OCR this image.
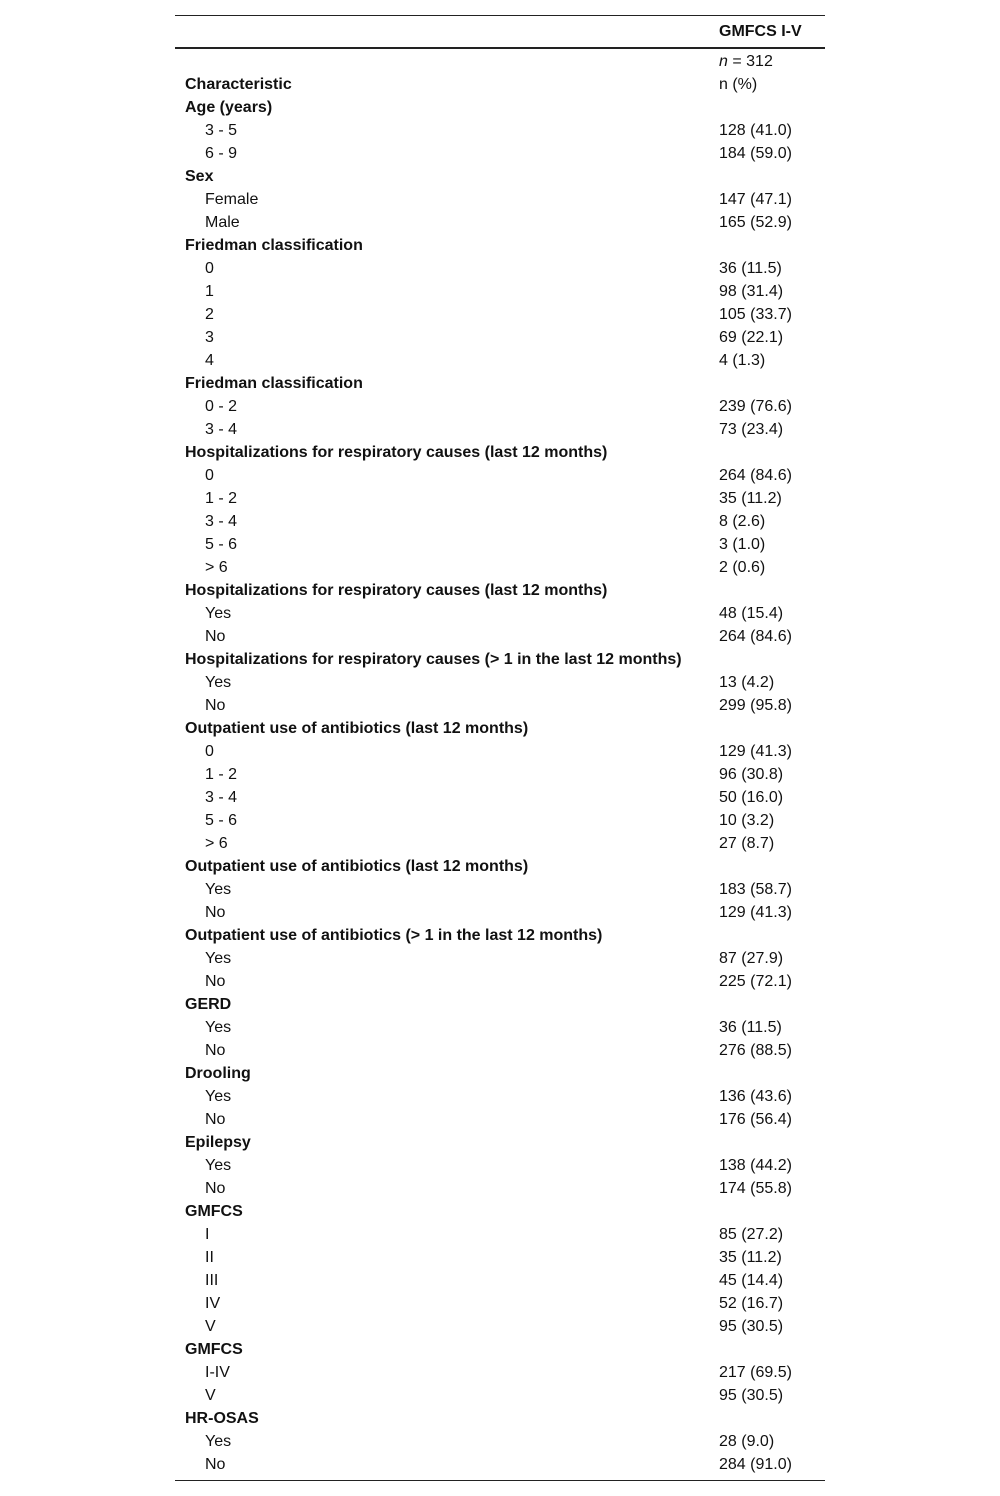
GMFCS I-V
n = 312
Characteristic	n (%)
Age (years)
3 - 5	128 (41.0)
6 - 9	184 (59.0)
Sex
Female	147 (47.1)
Male	165 (52.9)
Friedman classification
0	36 (11.5)
1	98 (31.4)
2	105 (33.7)
3	69 (22.1)
4	4 (1.3)
Friedman classification
0 - 2	239 (76.6)
3 - 4	73 (23.4)
Hospitalizations for respiratory causes (last 12 months)
0	264 (84.6)
1 - 2	35 (11.2)
3 - 4	8 (2.6)
5 - 6	3 (1.0)
> 6	2 (0.6)
Hospitalizations for respiratory causes (last 12 months)
Yes	48 (15.4)
No	264 (84.6)
Hospitalizations for respiratory causes (> 1 in the last 12 months)
Yes	13 (4.2)
No	299 (95.8)
Outpatient use of antibiotics (last 12 months)
0	129 (41.3)
1 - 2	96 (30.8)
3 - 4	50 (16.0)
5 - 6	10 (3.2)
> 6	27 (8.7)
Outpatient use of antibiotics (last 12 months)
Yes	183 (58.7)
No	129 (41.3)
Outpatient use of antibiotics (> 1 in the last 12 months)
Yes	87 (27.9)
No	225 (72.1)
GERD
Yes	36 (11.5)
No	276 (88.5)
Drooling
Yes	136 (43.6)
No	176 (56.4)
Epilepsy
Yes	138 (44.2)
No	174 (55.8)
GMFCS
I	85 (27.2)
II	35 (11.2)
III	45 (14.4)
IV	52 (16.7)
V	95 (30.5)
GMFCS
I-IV	217 (69.5)
V	95 (30.5)
HR-OSAS
Yes	28 (9.0)
No	284 (91.0)
